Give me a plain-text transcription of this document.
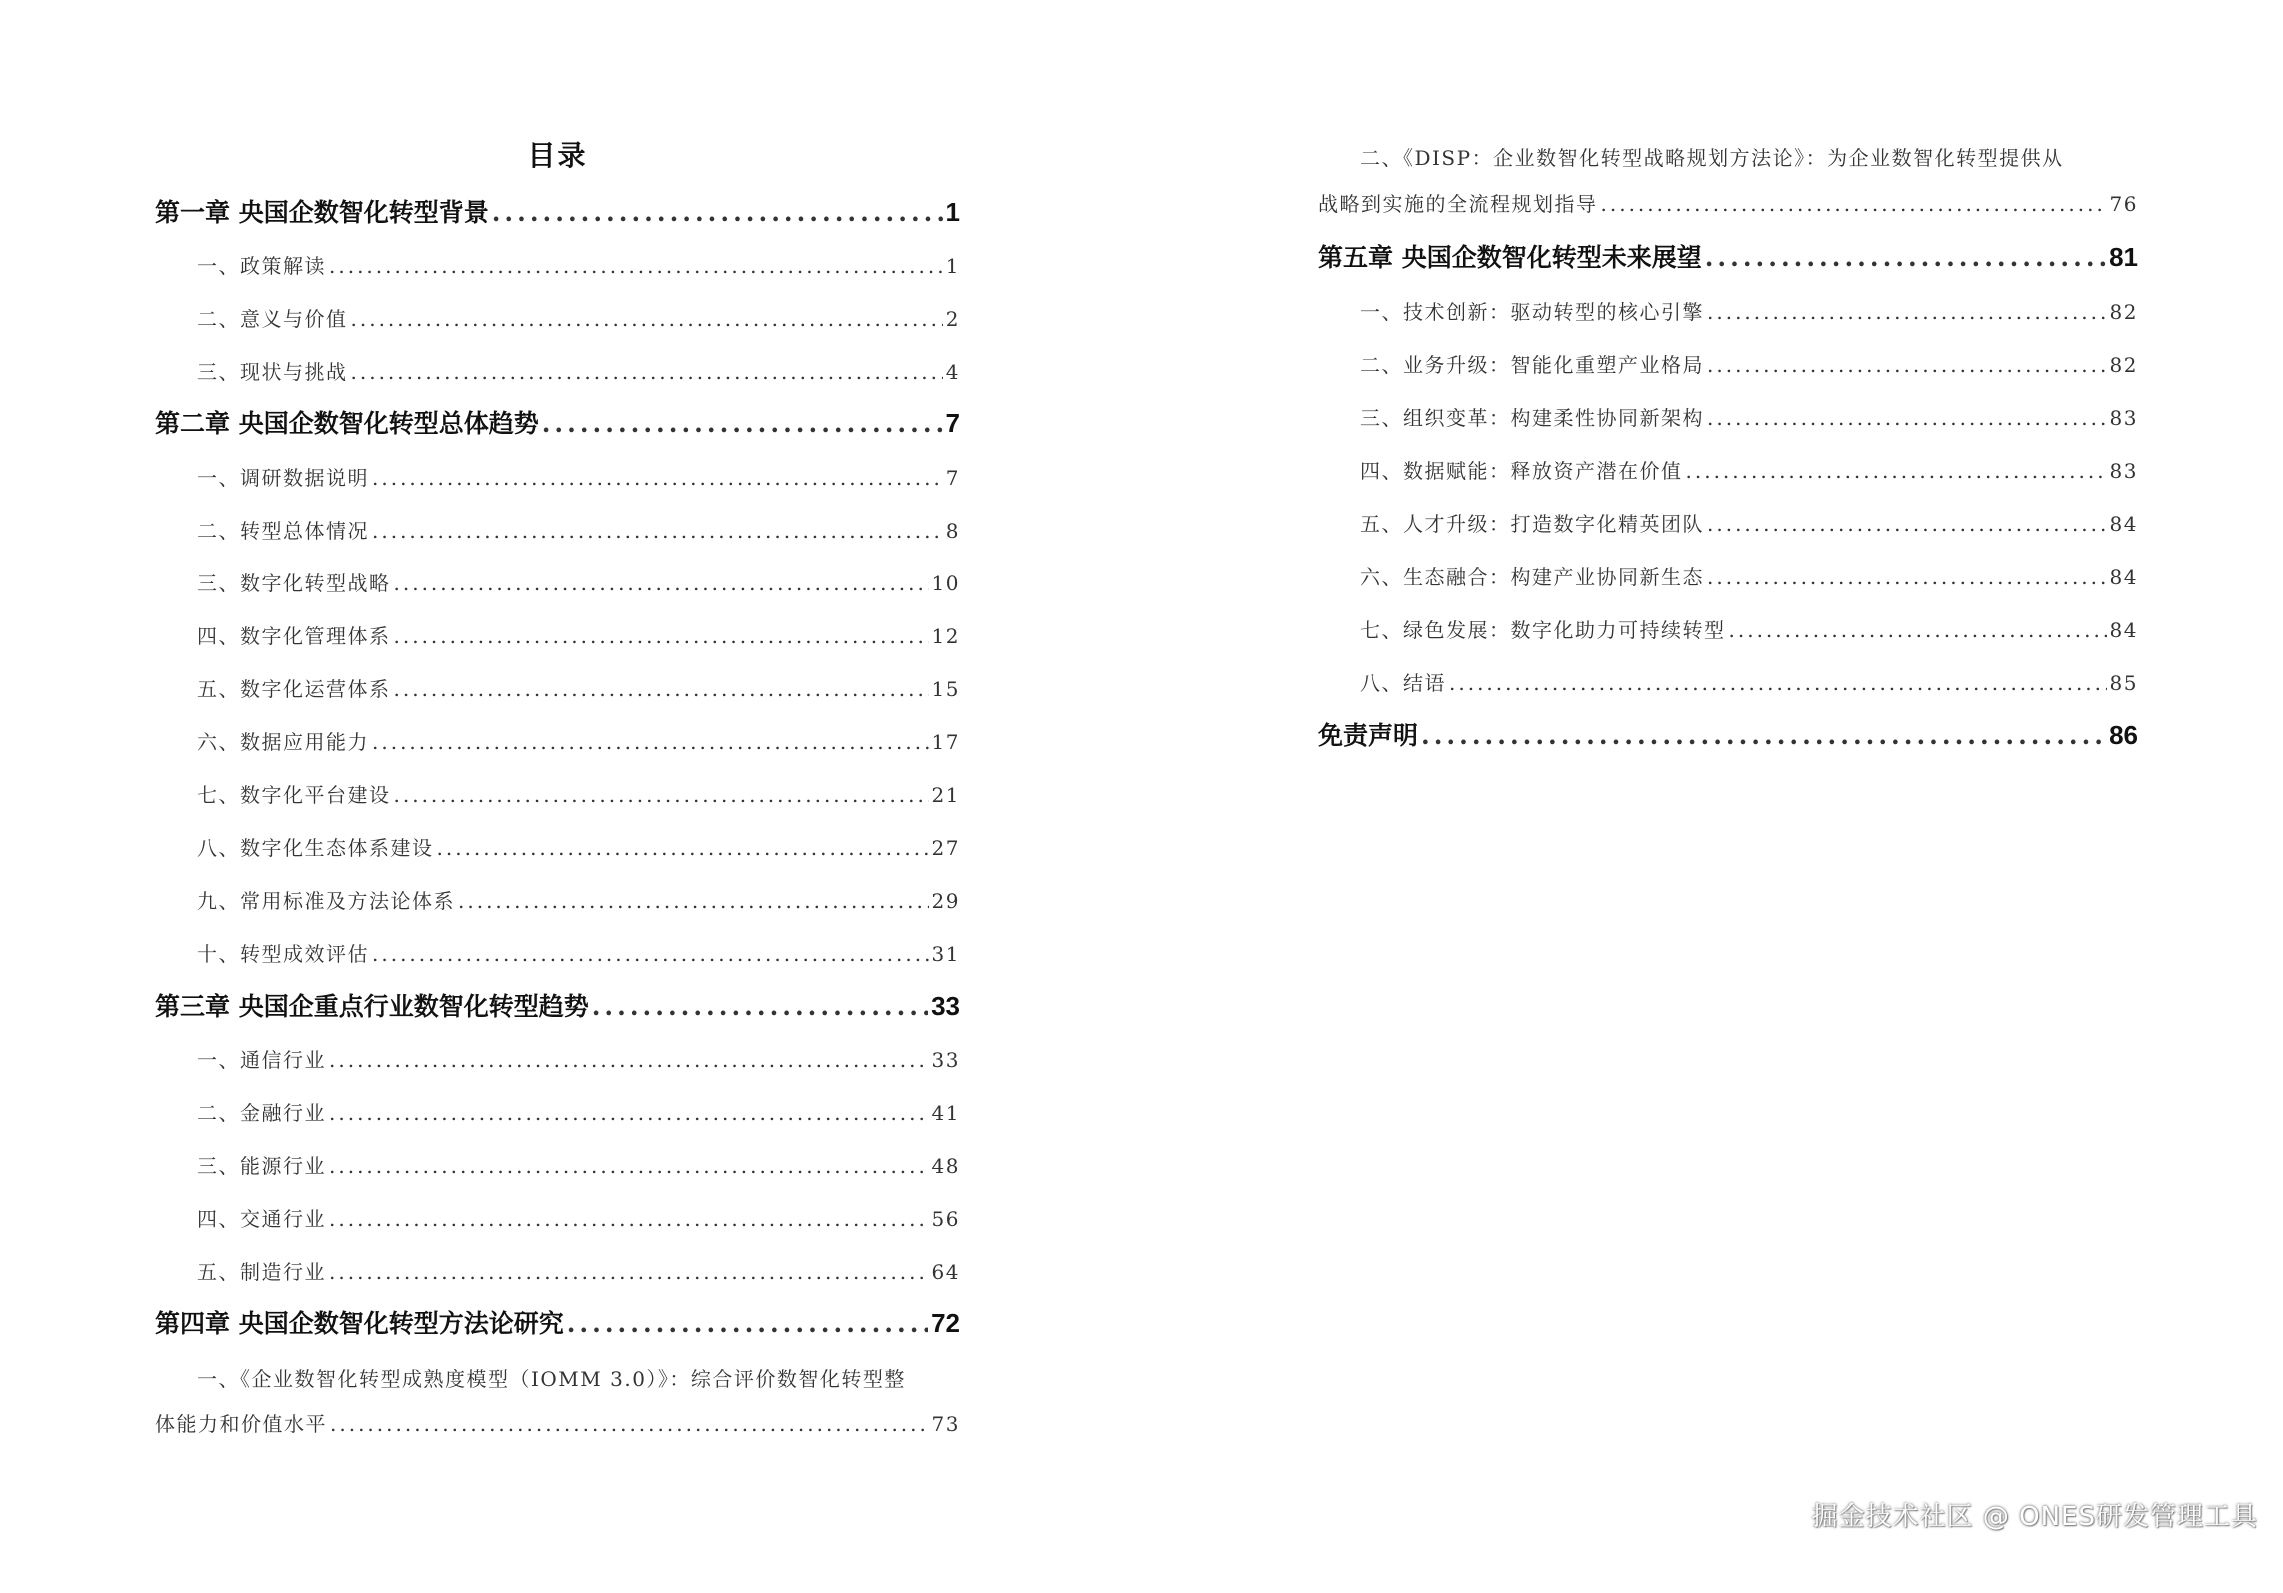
目录
第一章 央国企数智化转型背景 .....	1
一、政策解读 .....	1
二、意义与价值 .....	2
三、现状与挑战 .....	4
第二章 央国企数智化转型总体趋势 .....	7
一、调研数据说明 .....	7
二、转型总体情况 .....	8
三、数字化转型战略 .....	10
四、数字化管理体系 .....	12
五、数字化运营体系 .....	15
六、数据应用能力 .....	17
七、数字化平台建设 .....	21
八、数字化生态体系建设 .....	27
九、常用标准及方法论体系 .....	29
十、转型成效评估 .....	31
第三章 央国企重点行业数智化转型趋势 .....	33
一、通信行业 .....	33
二、金融行业 .....	41
三、能源行业 .....	48
四、交通行业 .....	56
五、制造行业 .....	64
第四章 央国企数智化转型方法论研究 .....	72
一、《企业数智化转型成熟度模型（IOMM 3.0）》：综合评价数智化转型整
体能力和价值水平 .....	73
二、《DISP：企业数智化转型战略规划方法论》：为企业数智化转型提供从
战略到实施的全流程规划指导 .....	76
第五章 央国企数智化转型未来展望 .....	81
一、技术创新：驱动转型的核心引擎 .....	82
二、业务升级：智能化重塑产业格局 .....	82
三、组织变革：构建柔性协同新架构 .....	83
四、数据赋能：释放资产潜在价值 .....	83
五、人才升级：打造数字化精英团队 .....	84
六、生态融合：构建产业协同新生态 .....	84
七、绿色发展：数字化助力可持续转型 .....	84
八、结语 .....	85
免责声明 .....	86
掘金技术社区 @ ONES研发管理工具
